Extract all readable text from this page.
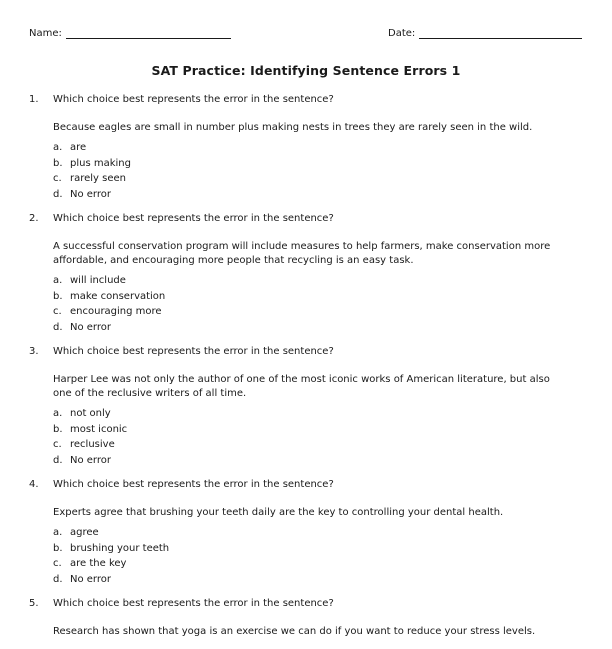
Name:	Date:
SAT Practice: Identifying Sentence Errors 1
1.	Which choice best represents the error in the sentence?
Because eagles are small in number plus making nests in trees they are rarely seen in the wild.
a. are
b. plus making
c. rarely seen
d. No error
2.	Which choice best represents the error in the sentence?
A successful conservation program will include measures to help farmers, make conservation more affordable, and encouraging more people that recycling is an easy task.
a. will include
b. make conservation
c. encouraging more
d. No error
3.	Which choice best represents the error in the sentence?
Harper Lee was not only the author of one of the most iconic works of American literature, but also one of the reclusive writers of all time.
a. not only
b. most iconic
c. reclusive
d. No error
4.	Which choice best represents the error in the sentence?
Experts agree that brushing your teeth daily are the key to controlling your dental health.
a. agree
b. brushing your teeth
c. are the key
d. No error
5.	Which choice best represents the error in the sentence?
Research has shown that yoga is an exercise we can do if you want to reduce your stress levels.
